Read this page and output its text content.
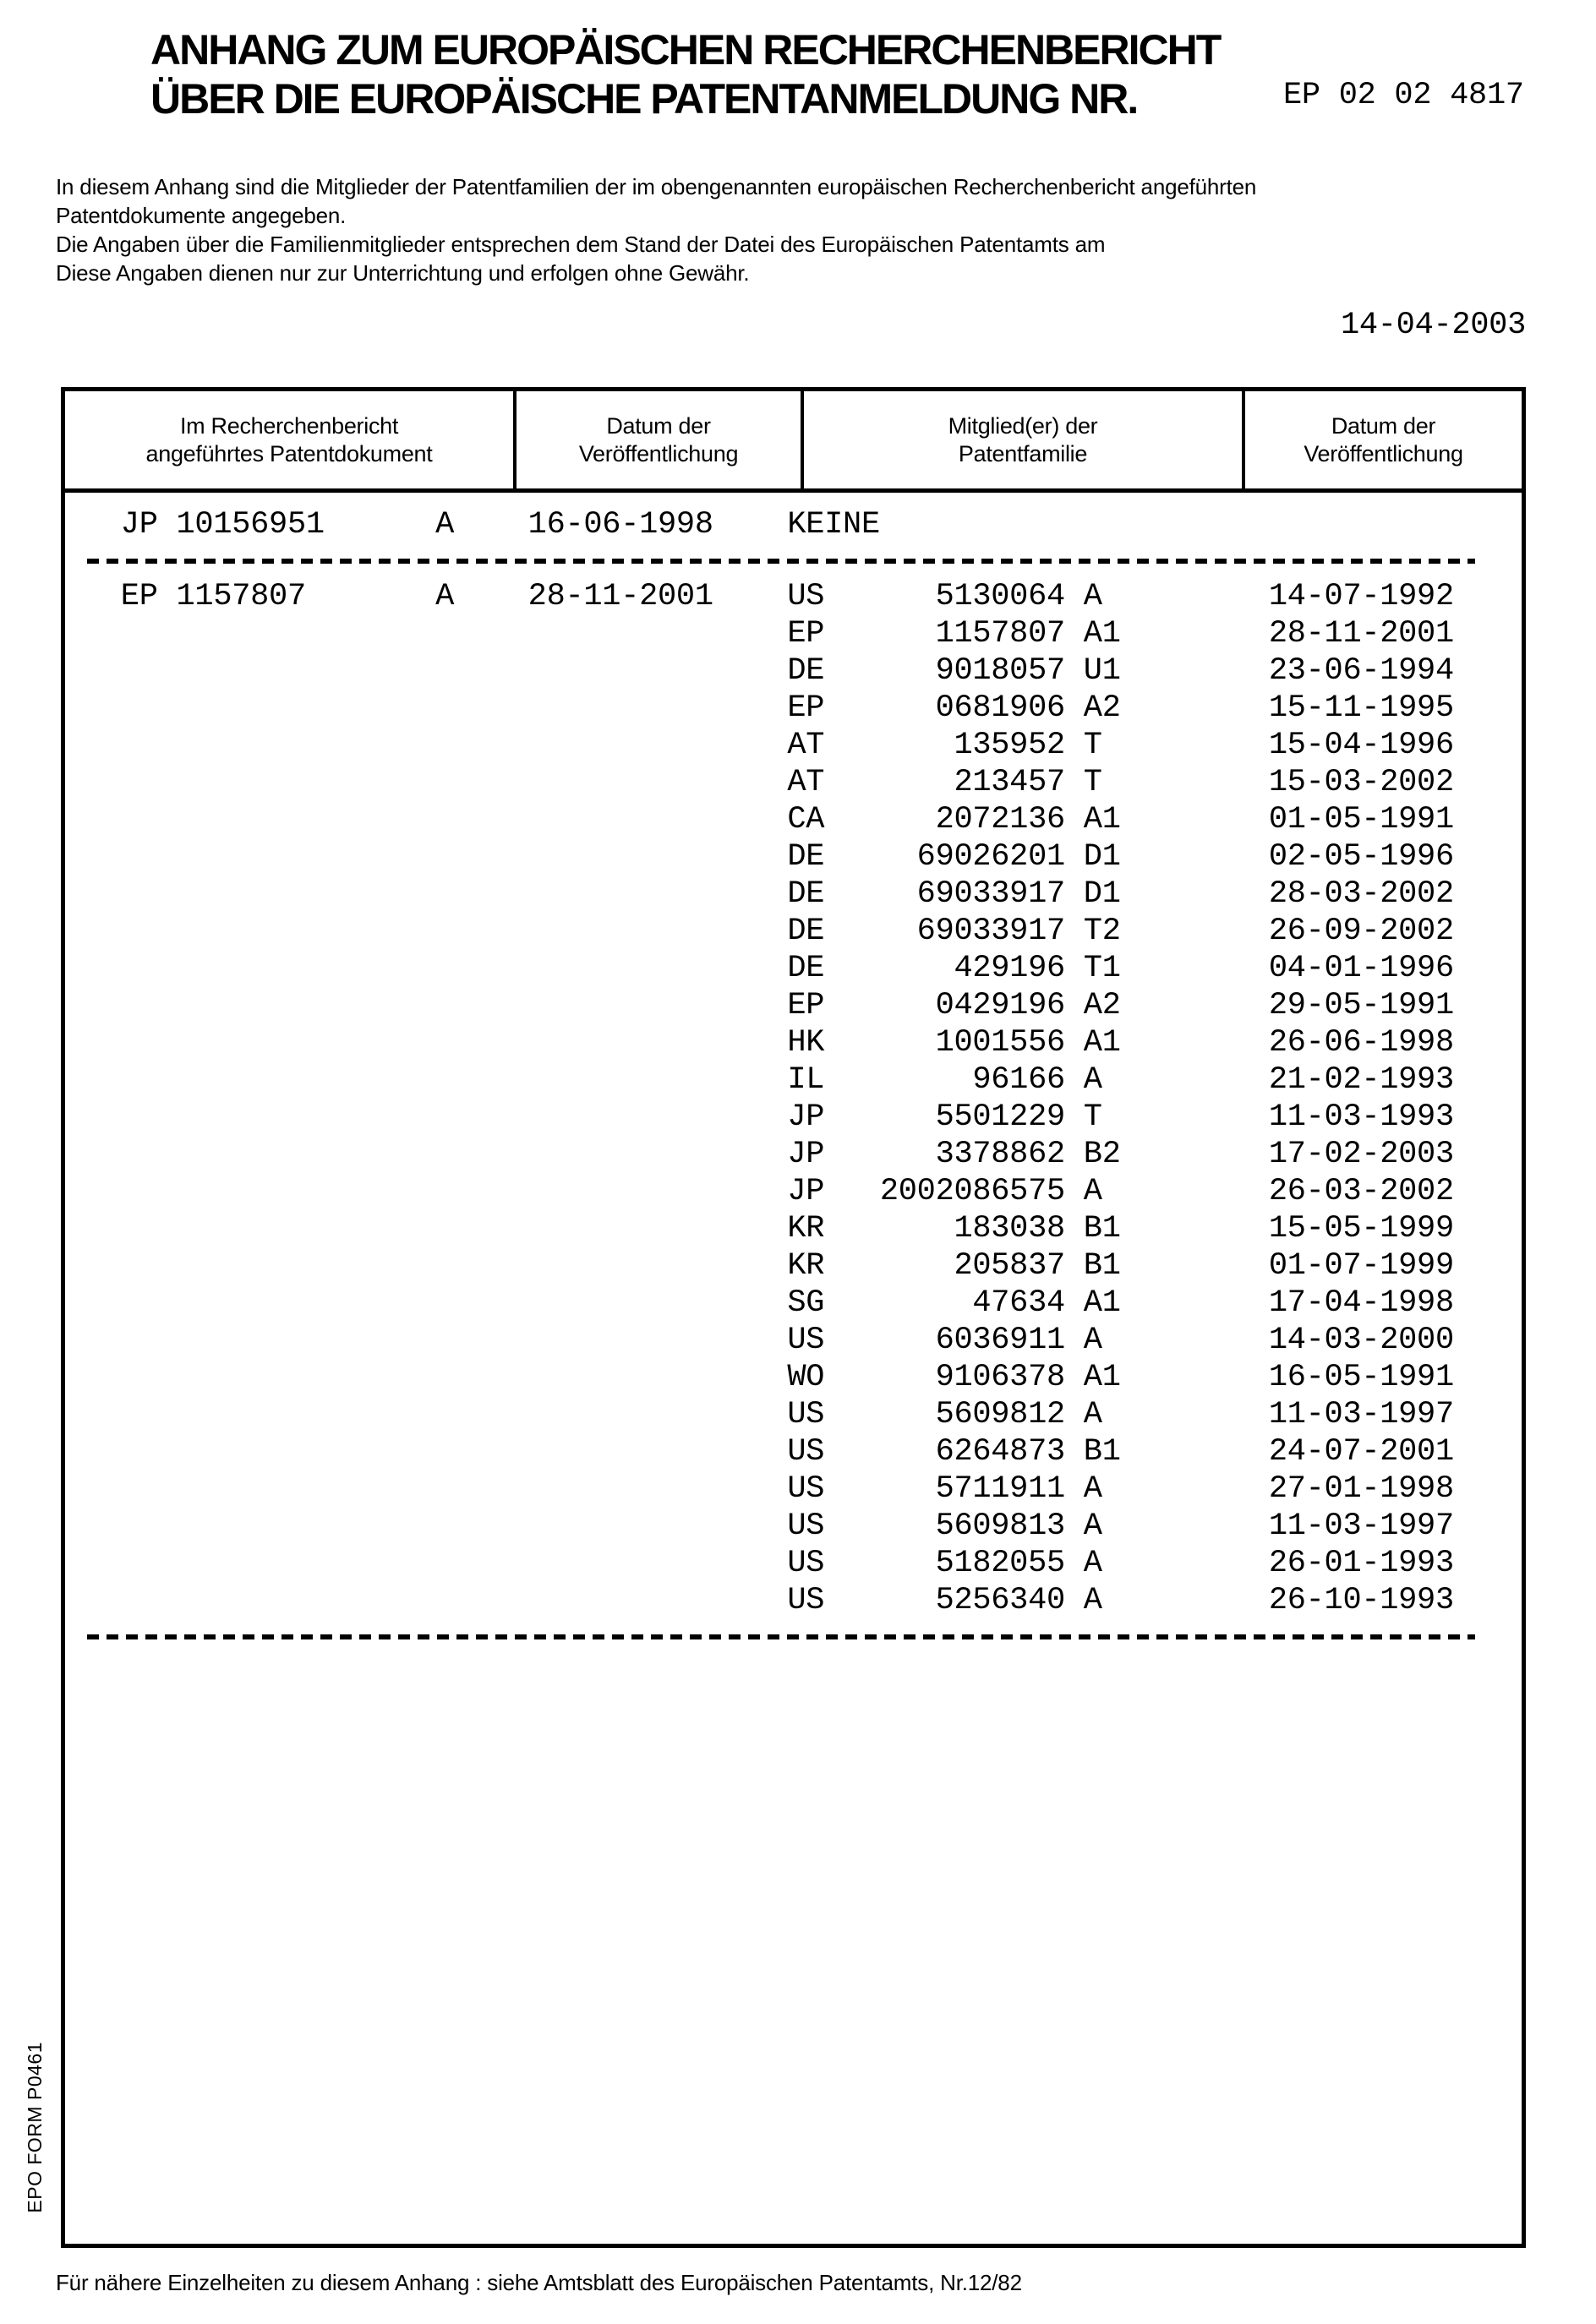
ANHANG ZUM EUROPÄISCHEN RECHERCHENBERICHT
ÜBER DIE EUROPÄISCHE PATENTANMELDUNG NR.	EP 02 02 4817
In diesem Anhang sind die Mitglieder der Patentfamilien der im obengenannten europäischen Recherchenbericht angeführten
Patentdokumente angegeben.
Die Angaben über die Familienmitglieder entsprechen dem Stand der Datei des Europäischen Patentamts am
Diese Angaben dienen nur zur Unterrichtung und erfolgen ohne Gewähr.
14-04-2003
Im Recherchenbericht
angeführtes Patentdokument
Datum der
Veröffentlichung
Mitglied(er) der
Patentfamilie
Datum der
Veröffentlichung
JP 10156951      A    16-06-1998    KEINE
EP 1157807       A    28-11-2001    US      5130064 A         14-07-1992
EP      1157807 A1        28-11-2001
DE      9018057 U1        23-06-1994
EP      0681906 A2        15-11-1995
AT       135952 T         15-04-1996
AT       213457 T         15-03-2002
CA      2072136 A1        01-05-1991
DE     69026201 D1        02-05-1996
DE     69033917 D1        28-03-2002
DE     69033917 T2        26-09-2002
DE       429196 T1        04-01-1996
EP      0429196 A2        29-05-1991
HK      1001556 A1        26-06-1998
IL        96166 A         21-02-1993
JP      5501229 T         11-03-1993
JP      3378862 B2        17-02-2003
JP   2002086575 A         26-03-2002
KR       183038 B1        15-05-1999
KR       205837 B1        01-07-1999
SG        47634 A1        17-04-1998
US      6036911 A         14-03-2000
WO      9106378 A1        16-05-1991
US      5609812 A         11-03-1997
US      6264873 B1        24-07-2001
US      5711911 A         27-01-1998
US      5609813 A         11-03-1997
US      5182055 A         26-01-1993
US      5256340 A         26-10-1993
EPO FORM P0461
Für nähere Einzelheiten zu diesem Anhang : siehe Amtsblatt des Europäischen Patentamts, Nr.12/82
